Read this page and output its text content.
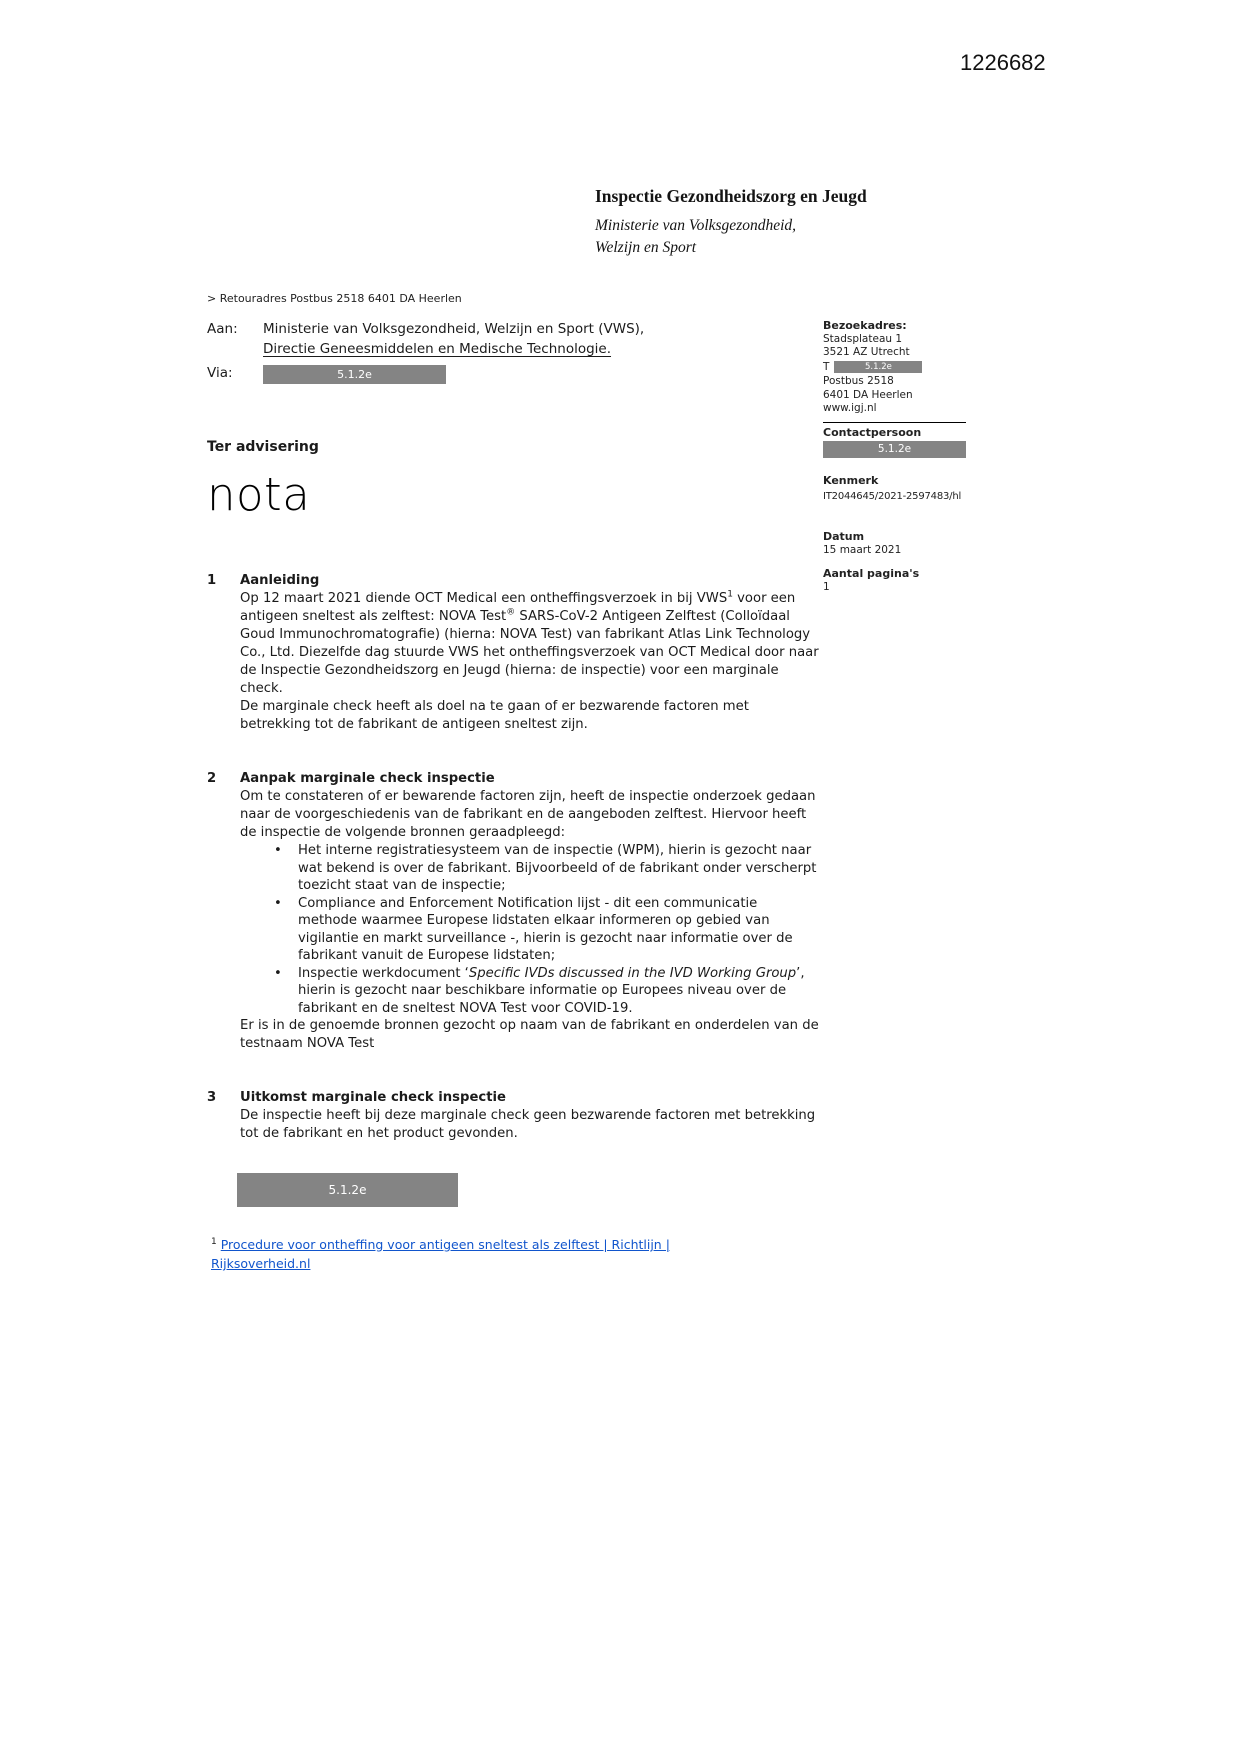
1226682
Inspectie Gezondheidszorg en Jeugd
Ministerie van Volksgezondheid,
Welzijn en Sport
> Retouradres Postbus 2518 6401 DA Heerlen
Aan:	Ministerie van Volksgezondheid, Welzijn en Sport (VWS),
Directie Geneesmiddelen en Medische Technologie.
Via:	5.1.2e
Bezoekadres:
Stadsplateau 1
3521 AZ Utrecht
T	5.1.2e
Postbus 2518
6401 DA Heerlen
www.igj.nl
Contactpersoon
5.1.2e
Kenmerk
IT2044645/2021-2597483/hl
Datum
15 maart 2021
Aantal pagina's
1
Ter advisering
nota
1	Aanleiding

Op 12 maart 2021 diende OCT Medical een ontheffingsverzoek in bij VWS$^1$ voor een antigeen sneltest als zelftest: NOVA Test® SARS-CoV-2 Antigeen Zelftest (Colloïdaal Goud Immunochromatografie) (hierna: NOVA Test) van fabrikant Atlas Link Technology Co., Ltd. Diezelfde dag stuurde VWS het ontheffingsverzoek van OCT Medical door naar de Inspectie Gezondheidszorg en Jeugd (hierna: de inspectie) voor een marginale check.

De marginale check heeft als doel na te gaan of er bezwarende factoren met betrekking tot de fabrikant de antigeen sneltest zijn.

2	Aanpak marginale check inspectie

Om te constateren of er bewarende factoren zijn, heeft de inspectie onderzoek gedaan naar de voorgeschiedenis van de fabrikant en de aangeboden zelftest. Hiervoor heeft de inspectie de volgende bronnen geraadpleegd:

• Het interne registratiesysteem van de inspectie (WPM), hierin is gezocht naar wat bekend is over de fabrikant. Bijvoorbeeld of de fabrikant onder verscherpt toezicht staat van de inspectie;
• Compliance and Enforcement Notification lijst - dit een communicatie methode waarmee Europese lidstaten elkaar informeren op gebied van vigilantie en markt surveillance -, hierin is gezocht naar informatie over de fabrikant vanuit de Europese lidstaten;
• Inspectie werkdocument ‘Specific IVDs discussed in the IVD Working Group’, hierin is gezocht naar beschikbare informatie op Europees niveau over de fabrikant en de sneltest NOVA Test voor COVID-19.

Er is in de genoemde bronnen gezocht op naam van de fabrikant en onderdelen van de testnaam NOVA Test

3	Uitkomst marginale check inspectie

De inspectie heeft bij deze marginale check geen bezwarende factoren met betrekking tot de fabrikant en het product gevonden.

5.1.2e
$^1$ Procedure voor ontheffing voor antigeen sneltest als zelftest | Richtlijn | Rijksoverheid.nl
